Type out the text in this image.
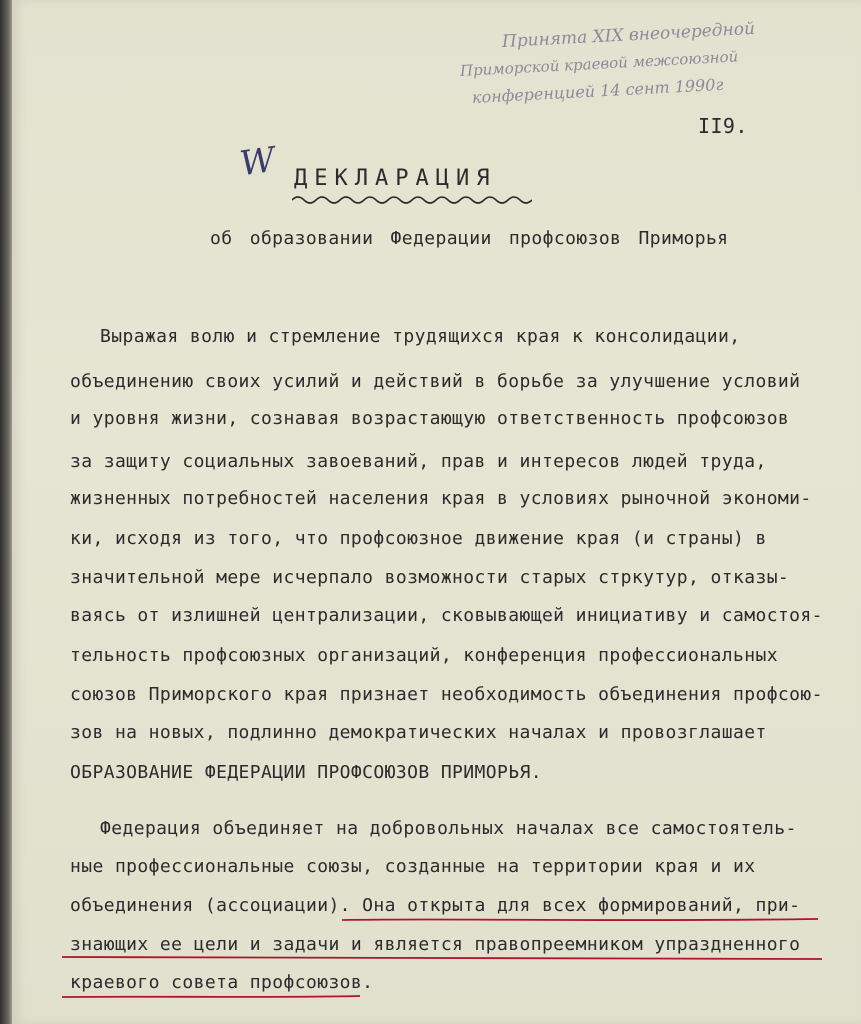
Принята XIX внеочередной
Приморской краевой межсоюзной
конференцией 14 сент 1990г
II9.
W ДЕКЛАРАЦИЯ
об образовании Федерации профсоюзов Приморья
Выражая волю и стремление трудящихся края к консолидации,
объединению своих усилий и действий в борьбе за улучшение условий
и уровня жизни, сознавая возрастающую ответственность профсоюзов
за защиту социальных завоеваний, прав и интересов людей труда,
жизненных потребностей населения края в условиях рыночной экономи-
ки, исходя из того, что профсоюзное движение края (и страны) в
значительной мере исчерпало возможности старых стркутур, отказы-
ваясь от излишней централизации, сковывающей инициативу и самостоя-
тельность профсоюзных организаций, конференция профессиональных
союзов Приморского края признает необходимость объединения профсою-
зов на новых, подлинно демократических началах и провозглашает
ОБРАЗОВАНИЕ ФЕДЕРАЦИИ ПРОФСОЮЗОВ ПРИМОРЬЯ.
Федерация объединяет на добровольных началах все самостоятель-
ные профессиональные союзы, созданные на территории края и их
объединения (ассоциации). Она открыта для всех формирований, при-
знающих ее цели и задачи и является правопреемником упраздненного
краевого совета профсоюзов.
